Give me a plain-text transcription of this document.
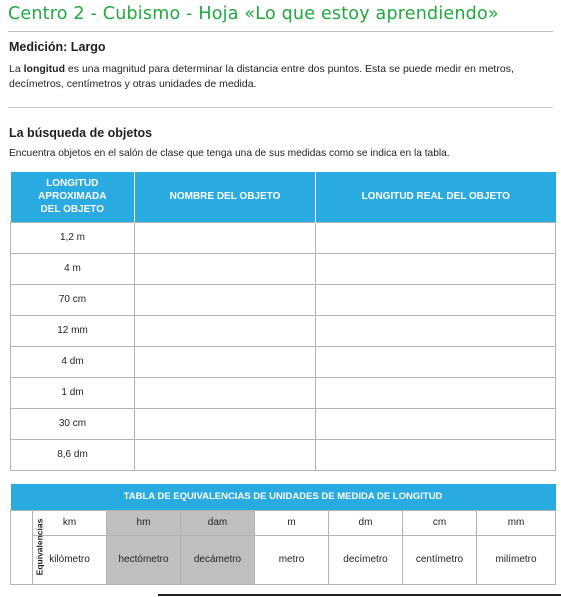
Centro 2 - Cubismo - Hoja «Lo que estoy aprendiendo»
Medición: Largo

La longitud es una magnitud para determinar la distancia entre dos puntos. Esta se puede medir en metros, decímetros, centímetros y otras unidades de medida.

La búsqueda de objetos
Encuentra objetos en el salón de clase que tenga una de sus medidas como se indica en la tabla.
LONGITUD APROXIMADA DEL OBJETO	NOMBRE DEL OBJETO	LONGITUD REAL DEL OBJETO
1,2 m		
4 m		
70 cm		
12 mm		
4 dm		
1 dm		
30 cm		
8,6 dm		
TABLA DE EQUIVALENCIAS DE UNIDADES DE MEDIDA DE LONGITUD							
Equivalencias	km	hm	dam	m	dm	cm	mm
	kilómetro	hectómetro	decámetro	metro	decímetro	centímetro	milímetro
